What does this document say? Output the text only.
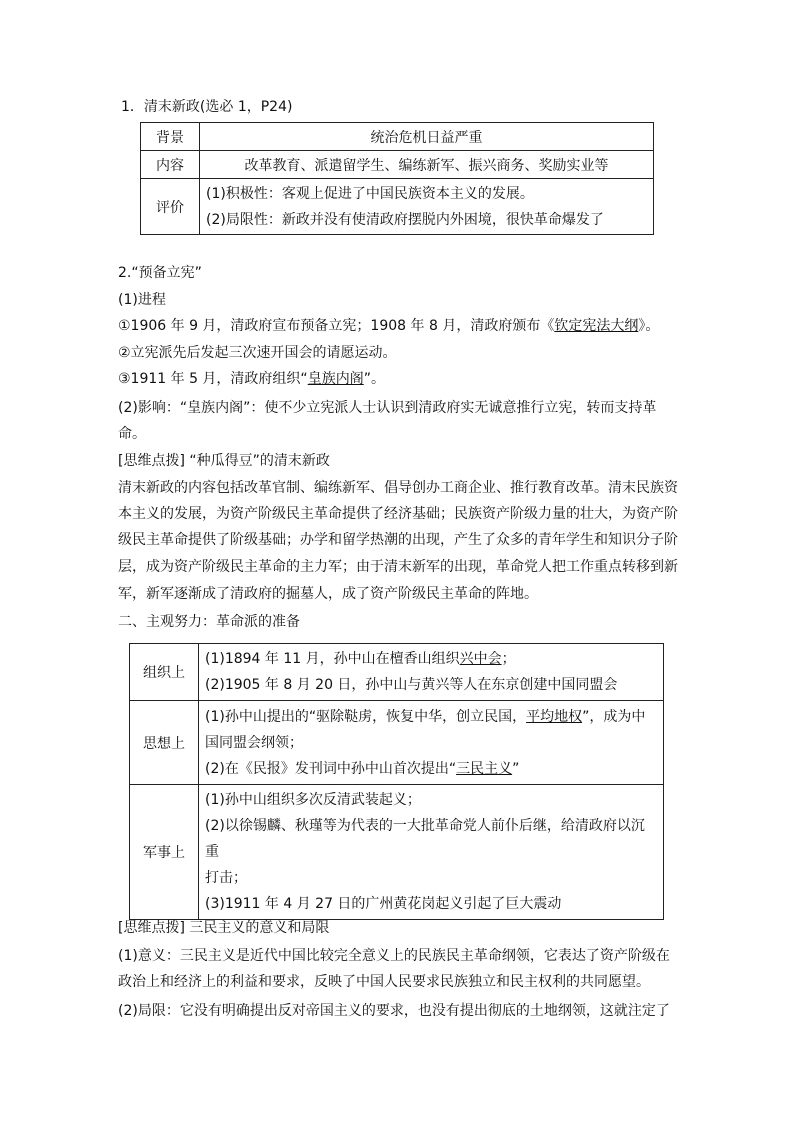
1．清末新政(选必 1，P24)
背景	统治危机日益严重
内容	改革教育、派遣留学生、编练新军、振兴商务、奖励实业等
评价	(1)积极性：客观上促进了中国民族资本主义的发展。
(2)局限性：新政并没有使清政府摆脱内外困境，很快革命爆发了
2.“预备立宪”
(1)进程
①1906 年 9 月，清政府宣布预备立宪；1908 年 8 月，清政府颁布《钦定宪法大纲》。
②立宪派先后发起三次速开国会的请愿运动。
③1911 年 5 月，清政府组织“皇族内阁”。
(2)影响：“皇族内阁”：使不少立宪派人士认识到清政府实无诚意推行立宪，转而支持革
命。
[思维点拨] “种瓜得豆”的清末新政
清末新政的内容包括改革官制、编练新军、倡导创办工商企业、推行教育改革。清末民族资
本主义的发展，为资产阶级民主革命提供了经济基础；民族资产阶级力量的壮大，为资产阶
级民主革命提供了阶级基础；办学和留学热潮的出现，产生了众多的青年学生和知识分子阶
层，成为资产阶级民主革命的主力军；由于清末新军的出现，革命党人把工作重点转移到新
军，新军逐渐成了清政府的掘墓人，成了资产阶级民主革命的阵地。
二、主观努力：革命派的准备
组织上	(1)1894 年 11 月，孙中山在檀香山组织兴中会；
(2)1905 年 8 月 20 日，孙中山与黄兴等人在东京创建中国同盟会

思想上	(1)孙中山提出的“驱除鞑虏，恢复中华，创立民国，平均地权”，成为中
国同盟会纲领；
(2)在《民报》发刊词中孙中山首次提出“三民主义”

军事上	(1)孙中山组织多次反清武装起义；
(2)以徐锡麟、秋瑾等为代表的一大批革命党人前仆后继，给清政府以沉重
打击；
(3)1911 年 4 月 27 日的广州黄花岗起义引起了巨大震动
[思维点拨] 三民主义的意义和局限
(1)意义：三民主义是近代中国比较完全意义上的民族民主革命纲领，它表达了资产阶级在
政治上和经济上的利益和要求，反映了中国人民要求民族独立和民主权利的共同愿望。
(2)局限：它没有明确提出反对帝国主义的要求，也没有提出彻底的土地纲领，这就注定了
